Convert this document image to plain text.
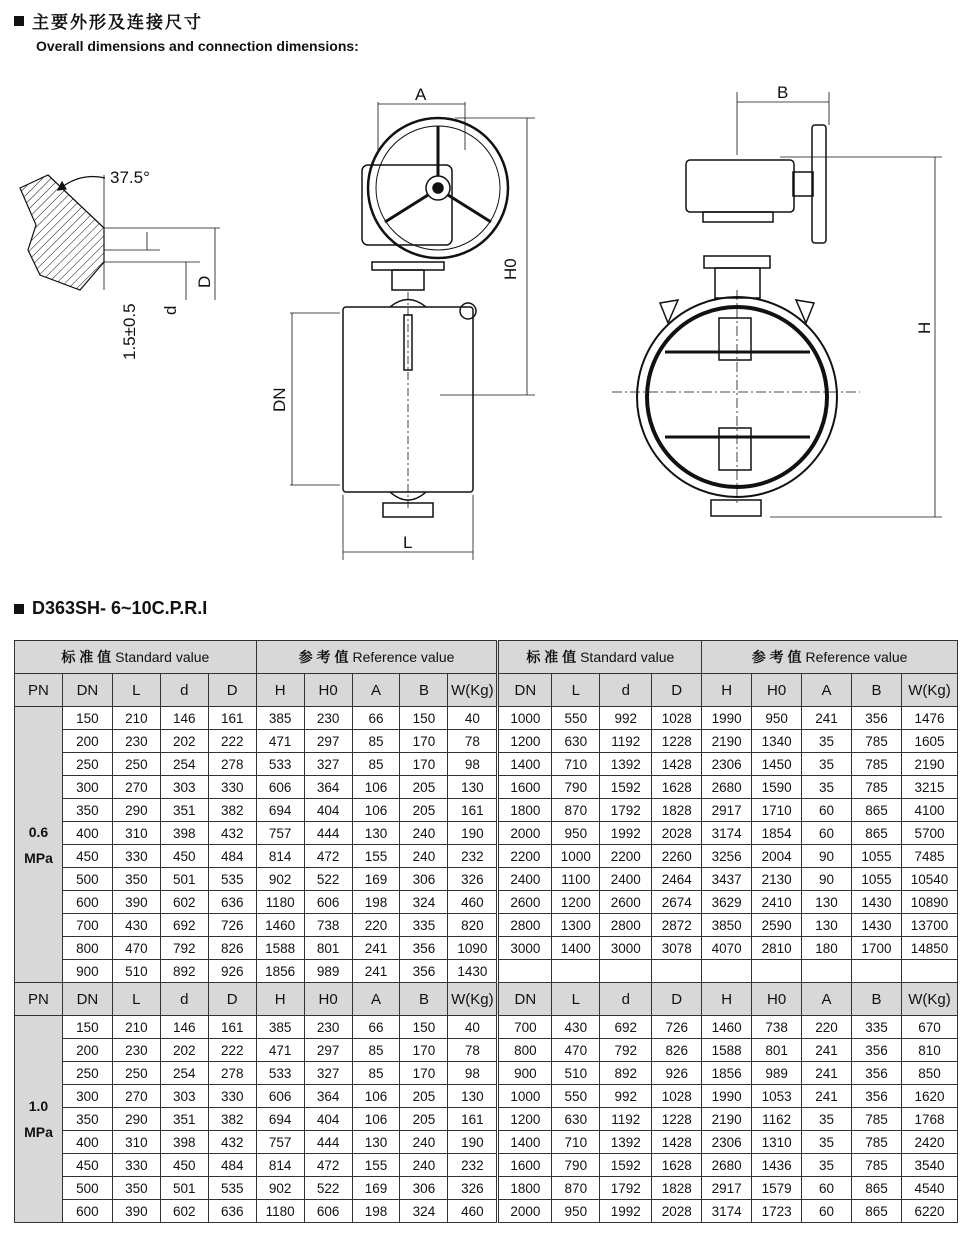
主要外形及连接尺寸
Overall dimensions and connection dimensions:
37.5°
1.5±0.5 d
D
A
H0
DN
L
B
H
D363SH- 6~10C.P.R.I
标 准 值 Standard value					参 考 值 Reference value					标 准 值 Standard value				参 考 值 Reference value				
PN	DN	L	d	D	H	H0	A	B	W(Kg)	DN	L	d	D	H	H0	A	B	W(Kg)
0.6
MPa	150	210	146	161	385	230	66	150	40	1000	550	992	1028	1990	950	241	356	1476
	200	230	202	222	471	297	85	170	78	1200	630	1192	1228	2190	1340	35	785	1605
	250	250	254	278	533	327	85	170	98	1400	710	1392	1428	2306	1450	35	785	2190
	300	270	303	330	606	364	106	205	130	1600	790	1592	1628	2680	1590	35	785	3215
	350	290	351	382	694	404	106	205	161	1800	870	1792	1828	2917	1710	60	865	4100
	400	310	398	432	757	444	130	240	190	2000	950	1992	2028	3174	1854	60	865	5700
	450	330	450	484	814	472	155	240	232	2200	1000	2200	2260	3256	2004	90	1055	7485
	500	350	501	535	902	522	169	306	326	2400	1100	2400	2464	3437	2130	90	1055	10540
	600	390	602	636	1180	606	198	324	460	2600	1200	2600	2674	3629	2410	130	1430	10890
	700	430	692	726	1460	738	220	335	820	2800	1300	2800	2872	3850	2590	130	1430	13700
	800	470	792	826	1588	801	241	356	1090	3000	1400	3000	3078	4070	2810	180	1700	14850
	900	510	892	926	1856	989	241	356	1430									
PN	DN	L	d	D	H	H0	A	B	W(Kg)	DN	L	d	D	H	H0	A	B	W(Kg)
1.0
MPa	150	210	146	161	385	230	66	150	40	700	430	692	726	1460	738	220	335	670
	200	230	202	222	471	297	85	170	78	800	470	792	826	1588	801	241	356	810
	250	250	254	278	533	327	85	170	98	900	510	892	926	1856	989	241	356	850
	300	270	303	330	606	364	106	205	130	1000	550	992	1028	1990	1053	241	356	1620
	350	290	351	382	694	404	106	205	161	1200	630	1192	1228	2190	1162	35	785	1768
	400	310	398	432	757	444	130	240	190	1400	710	1392	1428	2306	1310	35	785	2420
	450	330	450	484	814	472	155	240	232	1600	790	1592	1628	2680	1436	35	785	3540
	500	350	501	535	902	522	169	306	326	1800	870	1792	1828	2917	1579	60	865	4540
	600	390	602	636	1180	606	198	324	460	2000	950	1992	2028	3174	1723	60	865	6220
